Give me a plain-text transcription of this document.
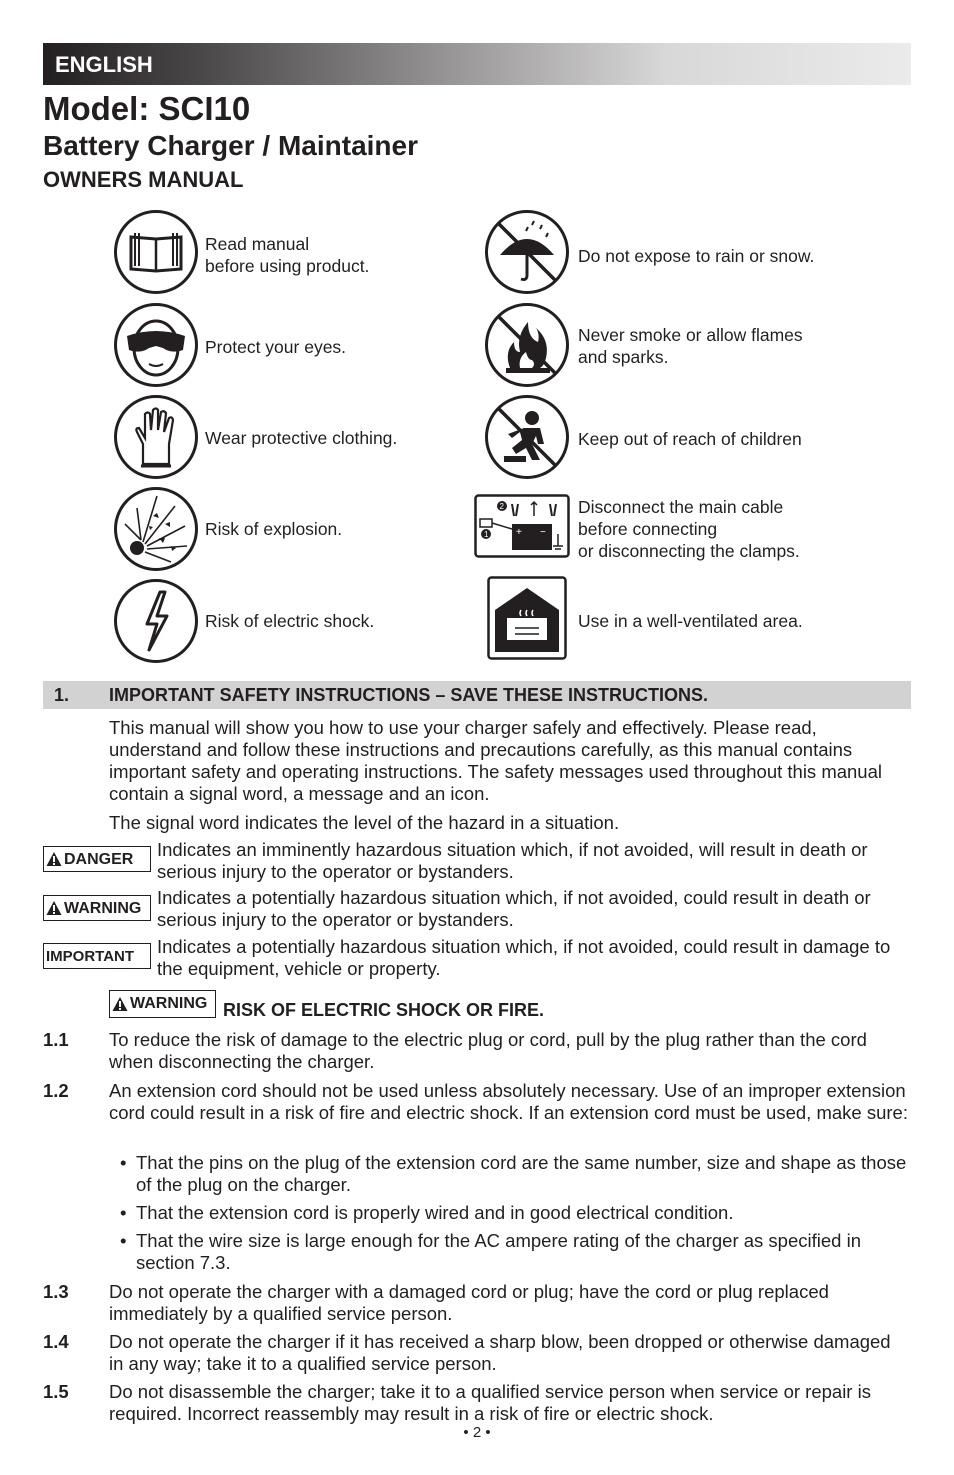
ENGLISH
Model: SCI10
Battery Charger / Maintainer
OWNERS MANUAL
Read manual
before using product.
Protect your eyes.
Wear protective clothing.
Risk of explosion.
Risk of electric shock.
Do not expose to rain or snow.
Never smoke or allow flames
and sparks.
Keep out of reach of children
+ −
2
1
Disconnect the main cable
before connecting
or disconnecting the clamps.
Use in a well-ventilated area.
1. IMPORTANT SAFETY INSTRUCTIONS – SAVE THESE INSTRUCTIONS.

This manual will show you how to use your charger safely and effectively. Please read, understand and follow these instructions and precautions carefully, as this manual contains important safety and operating instructions. The safety messages used throughout this manual contain a signal word, a message and an icon.

The signal word indicates the level of the hazard in a situation.

DANGER Indicates an imminently hazardous situation which, if not avoided, will result in death or serious injury to the operator or bystanders.

WARNING Indicates a potentially hazardous situation which, if not avoided, could result in death or serious injury to the operator or bystanders.

IMPORTANT Indicates a potentially hazardous situation which, if not avoided, could result in damage to the equipment, vehicle or property.

WARNING RISK OF ELECTRIC SHOCK OR FIRE.
1.1 To reduce the risk of damage to the electric plug or cord, pull by the plug rather than the cord when disconnecting the charger.

1.2 An extension cord should not be used unless absolutely necessary. Use of an improper extension cord could result in a risk of fire and electric shock. If an extension cord must be used, make sure:

• That the pins on the plug of the extension cord are the same number, size and shape as those of the plug on the charger.
• That the extension cord is properly wired and in good electrical condition.
• That the wire size is large enough for the AC ampere rating of the charger as specified in section 7.3.
1.3 Do not operate the charger with a damaged cord or plug; have the cord or plug replaced immediately by a qualified service person.

1.4 Do not operate the charger if it has received a sharp blow, been dropped or otherwise damaged in any way; take it to a qualified service person.

1.5 Do not disassemble the charger; take it to a qualified service person when service or repair is required. Incorrect reassembly may result in a risk of fire or electric shock.

• 2 •
